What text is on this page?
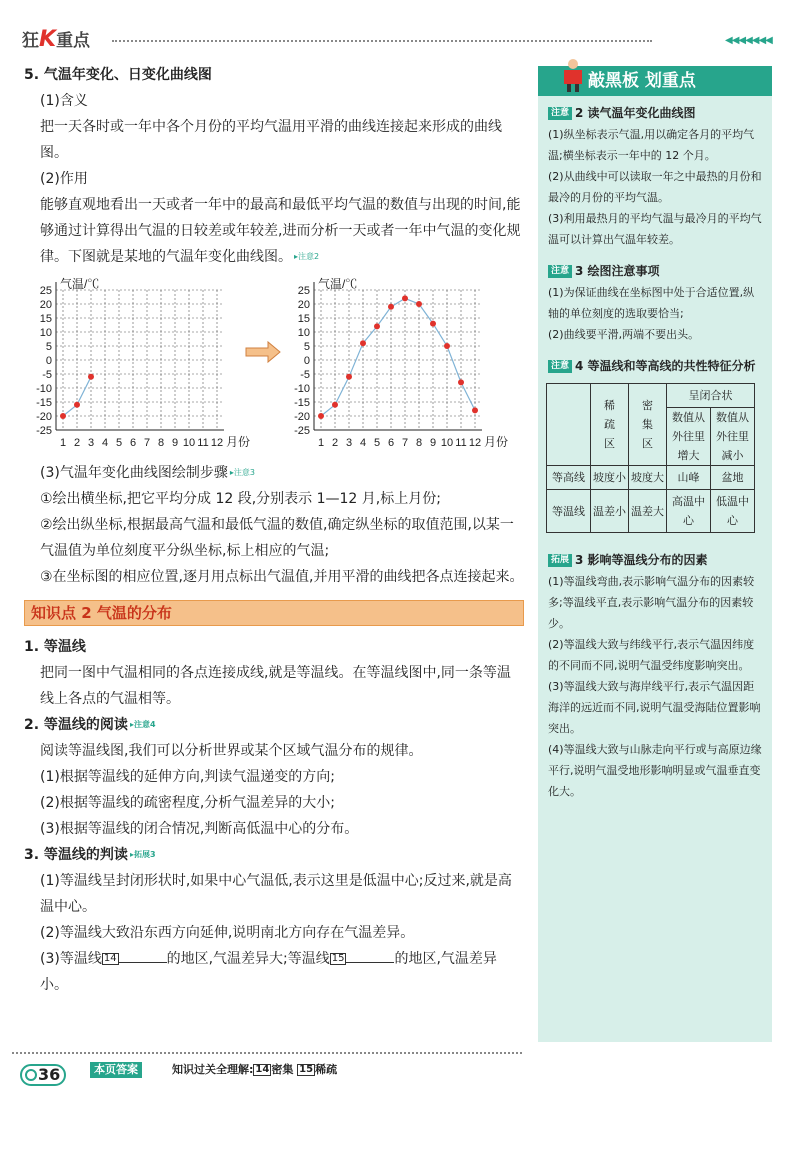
狂K重点	◀◀◀◀◀◀◀
5. 气温年变化、日变化曲线图
(1)含义
把一天各时或一年中各个月份的平均气温用平滑的曲线连接起来形成的曲线图。
(2)作用
能够直观地看出一天或者一年中的最高和最低平均气温的数值与出现的时间,能够通过计算得出气温的日较差或年较差,进而分析一天或者一年中气温的变化规律。下图就是某地的气温年变化曲线图。 ▸注意2
25
20
15
10
5
0
-5
-10
-15
-20
-25
1 2 3 4 5 6 7 8 9 10 11 12
气温/℃
月份
25
20
15
10
5
0
-5
-10
-15
-20
-25
1 2 3 4 5 6 7 8 9 10 11 12
气温/℃
月份
(3)气温年变化曲线图绘制步骤 ▸注意3
①绘出横坐标,把它平均分成 12 段,分别表示 1—12 月,标上月份;
②绘出纵坐标,根据最高气温和最低气温的数值,确定纵坐标的取值范围,以某一气温值为单位刻度平分纵坐标,标上相应的气温;
③在坐标图的相应位置,逐月用点标出气温值,并用平滑的曲线把各点连接起来。
知识点 2 气温的分布
1. 等温线
把同一图中气温相同的各点连接成线,就是等温线。在等温线图中,同一条等温线上各点的气温相等。
2. 等温线的阅读 ▸注意4
阅读等温线图,我们可以分析世界或某个区域气温分布的规律。
(1)根据等温线的延伸方向,判读气温递变的方向;
(2)根据等温线的疏密程度,分析气温差异的大小;
(3)根据等温线的闭合情况,判断高低温中心的分布。
3. 等温线的判读 ▸拓展3
(1)等温线呈封闭形状时,如果中心气温低,表示这里是低温中心;反过来,就是高温中心。
(2)等温线大致沿东西方向延伸,说明南北方向存在气温差异。
(3)等温线 14	的地区,气温差异大;等温线 15	的地区,气温差异小。
敲黑板 划重点
注意 2 读气温年变化曲线图
(1)纵坐标表示气温,用以确定各月的平均气温;横坐标表示一年中的 12 个月。
(2)从曲线中可以读取一年之中最热的月份和最冷的月份的平均气温。
(3)利用最热月的平均气温与最冷月的平均气温可以计算出气温年较差。
注意 3 绘图注意事项
(1)为保证曲线在坐标图中处于合适位置,纵轴的单位刻度的选取要恰当;
(2)曲线要平滑,两端不要出头。
注意 4 等温线和等高线的共性特征分析
	稀疏区	密集区	呈闭合状	
			数值从外往里增大	数值从外往里减小
等高线	坡度小	坡度大	山峰	盆地
等温线	温差小	温差大	高温中心	低温中心
拓展 3 影响等温线分布的因素
(1)等温线弯曲,表示影响气温分布的因素较多;等温线平直,表示影响气温分布的因素较少。
(2)等温线大致与纬线平行,表示气温因纬度的不同而不同,说明气温受纬度影响突出。
(3)等温线大致与海岸线平行,表示气温因距海洋的远近而不同,说明气温受海陆位置影响突出。
(4)等温线大致与山脉走向平行或与高原边缘平行,说明气温受地形影响明显或气温垂直变化大。
36	本页答案	知识过关全理解: 14 密集 15 稀疏
